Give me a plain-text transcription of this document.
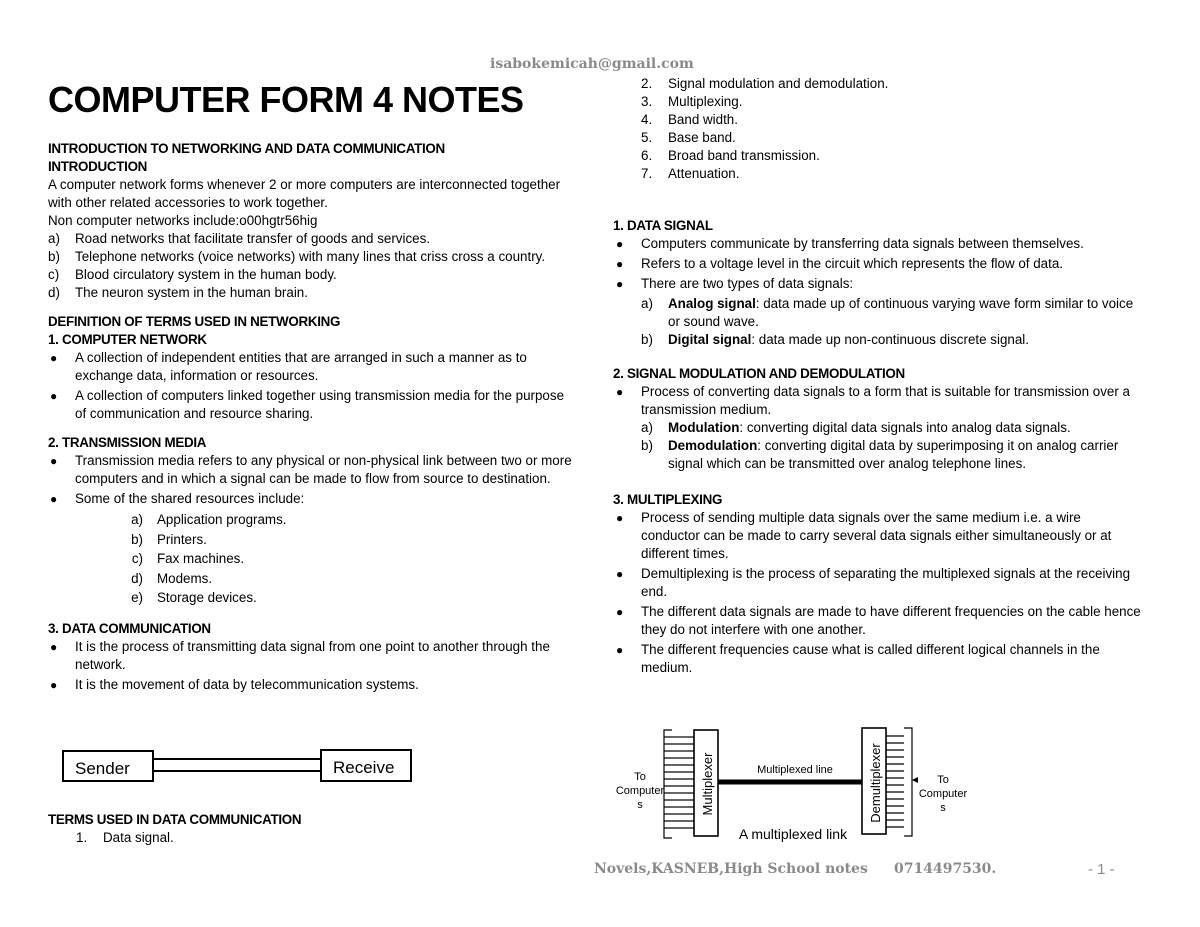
isabokemicah@gmail.com
COMPUTER FORM 4 NOTES
INTRODUCTION TO NETWORKING AND DATA COMMUNICATION
INTRODUCTION
A computer network forms whenever 2 or more computers are interconnected together with other related accessories to work together.
Non computer networks include:o00hgtr56hig
a)	Road networks that facilitate transfer of goods and services.
b)	Telephone networks (voice networks) with many lines that criss cross a country.
c)	Blood circulatory system in the human body.
d)	The neuron system in the human brain.
DEFINITION OF TERMS USED IN NETWORKING
1. COMPUTER NETWORK
●	A collection of independent entities that are arranged in such a manner as to exchange data, information or resources.
●	A collection of computers linked together using transmission media for the purpose of communication and resource sharing.
2. TRANSMISSION MEDIA
●	Transmission media refers to any physical or non-physical link between two or more computers and in which a signal can be made to flow from source to destination.
●	Some of the shared resources include:
a)	Application programs.
b)	Printers.
c)	Fax machines.
d)	Modems.
e)	Storage devices.
3. DATA COMMUNICATION
●	It is the process of transmitting data signal from one point to another through the network.
●	It is the movement of data by telecommunication systems.
Sender	Receive
TERMS USED IN DATA COMMUNICATION
1.	Data signal.
2.	Signal modulation and demodulation.
3.	Multiplexing.
4.	Band width.
5.	Base band.
6.	Broad band transmission.
7.	Attenuation.
1. DATA SIGNAL
●	Computers communicate by transferring data signals between themselves.
●	Refers to a voltage level in the circuit which represents the flow of data.
●	There are two types of data signals:
a)	Analog signal: data made up of continuous varying wave form similar to voice or sound wave.
b)	Digital signal: data made up non-continuous discrete signal.
2. SIGNAL MODULATION AND DEMODULATION
●	Process of converting data signals to a form that is suitable for transmission over a transmission medium.
a)	Modulation: converting digital data signals into analog data signals.
b)	Demodulation: converting digital data by superimposing it on analog carrier signal which can be transmitted over analog telephone lines.
3. MULTIPLEXING
●	Process of sending multiple data signals over the same medium i.e. a wire conductor can be made to carry several data signals either simultaneously or at different times.
●	Demultiplexing is the process of separating the multiplexed signals at the receiving end.
●	The different data signals are made to have different frequencies on the cable hence they do not interfere with one another.
●	The different frequencies cause what is called different logical channels in the medium.
Multiplexer	Multiplexed line	Demultiplexer
To
Computer
s
To
Computer
s
A multiplexed link
Novels,KASNEB,High School notes 0714497530.	- 1 -
